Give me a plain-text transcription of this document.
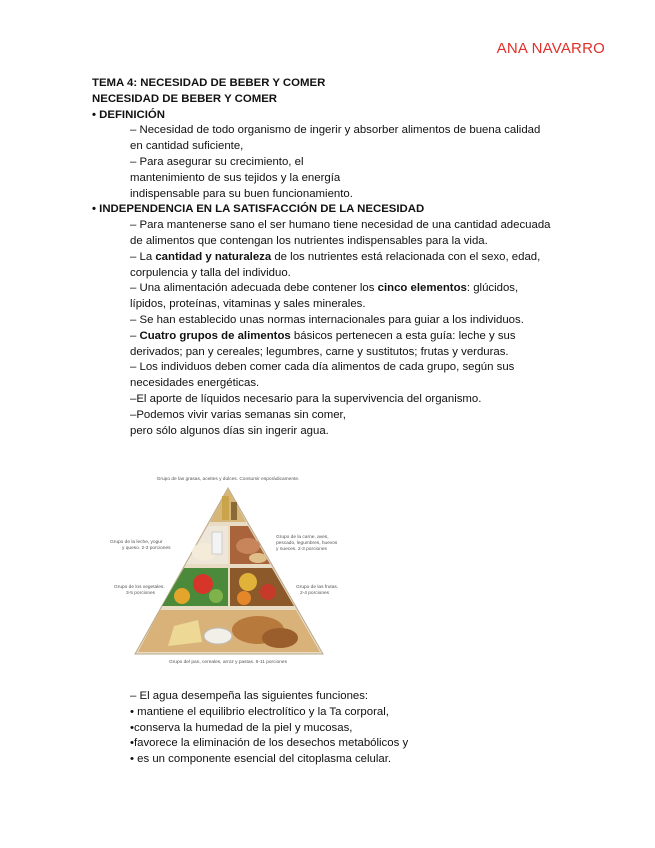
ANA NAVARRO
TEMA 4: NECESIDAD DE BEBER Y COMER
NECESIDAD DE BEBER Y COMER
• DEFINICIÓN
– Necesidad de todo organismo de ingerir y absorber alimentos de buena calidad
en cantidad suficiente,
– Para asegurar su crecimiento, el
mantenimiento de sus tejidos y la energía
indispensable para su buen funcionamiento.
• INDEPENDENCIA EN LA SATISFACCIÓN DE LA NECESIDAD
– Para mantenerse sano el ser humano tiene necesidad de una cantidad adecuada
de alimentos que contengan los nutrientes indispensables para la vida.
– La cantidad y naturaleza de los nutrientes está relacionada con el sexo, edad,
corpulencia y talla del individuo.
– Una alimentación adecuada debe contener los cinco elementos: glúcidos,
lípidos, proteínas, vitaminas y sales minerales.
– Se han establecido unas normas internacionales para guiar a los individuos.
– Cuatro grupos de alimentos básicos pertenecen a esta guía: leche y sus
derivados; pan y cereales; legumbres, carne y sustitutos; frutas y verduras.
– Los individuos deben comer cada día alimentos de cada grupo, según sus
necesidades energéticas.
–El aporte de líquidos necesario para la supervivencia del organismo.
–Podemos vivir varias semanas sin comer,
pero sólo algunos días sin ingerir agua.
Grupo de las grasas, aceites y dulces. Consumir esporádicamente.
Grupo de la leche, yogur
y queso. 2-3 porciones
Grupo de la carne, aves,
pescado, legumbres, huevos
y nueces. 2-3 porciones
Grupo de los vegetales.
3-5 porciones
Grupo de las frutas.
2-4 porciones
Grupo del pan, cereales, arroz y pastas. 6-11 porciones
– El agua desempeña las siguientes funciones:
• mantiene el equilibrio electrolítico y la Ta corporal,
•conserva la humedad de la piel y mucosas,
•favorece la eliminación de los desechos metabólicos y
• es un componente esencial del citoplasma celular.
